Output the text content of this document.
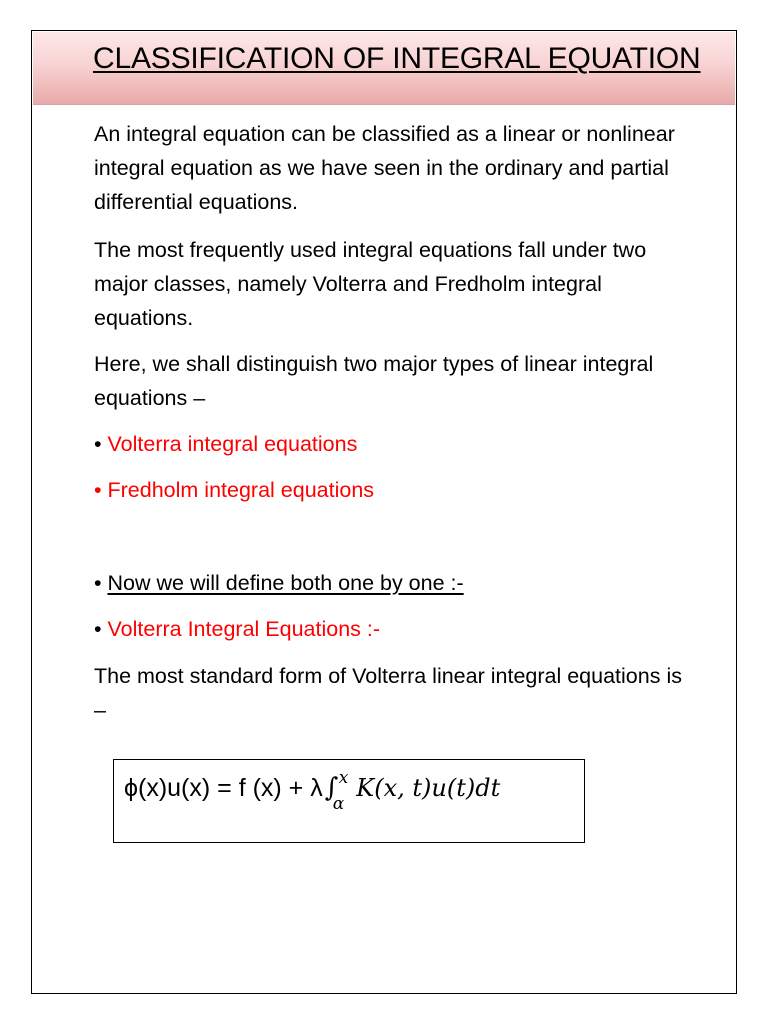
CLASSIFICATION OF INTEGRAL EQUATION

An integral equation can be classified as a linear or nonlinear integral equation as we have seen in the ordinary and partial differential equations.

The most frequently used integral equations fall under two major classes, namely Volterra and Fredholm integral equations.

Here, we shall distinguish two major types of linear integral equations –

• Volterra integral equations

• Fredholm integral equations

• Now we will define both one by one :-

• Volterra Integral Equations :-

The most standard form of Volterra linear integral equations is –

ϕ(x)u(x) = f (x) + λ∫ x
α
K(x, t)u(t)dt
